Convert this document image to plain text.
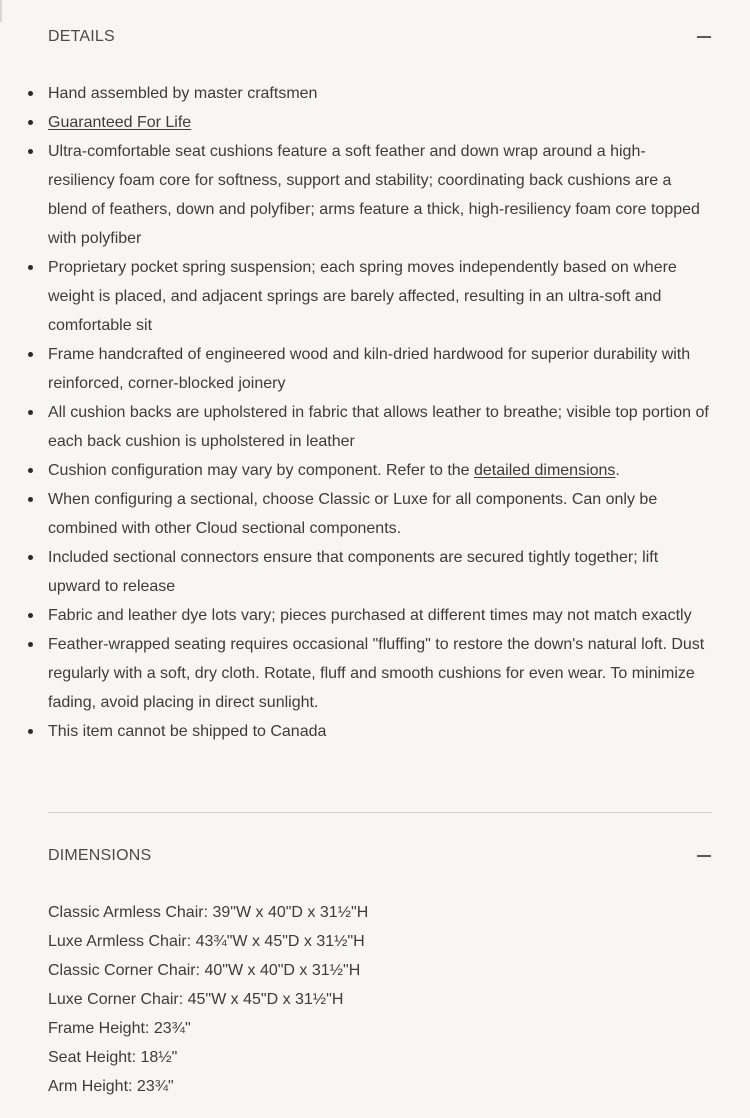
DETAILS
Hand assembled by master craftsmen
Guaranteed For Life
Ultra-comfortable seat cushions feature a soft feather and down wrap around a high-resiliency foam core for softness, support and stability; coordinating back cushions are a blend of feathers, down and polyfiber; arms feature a thick, high-resiliency foam core topped with polyfiber
Proprietary pocket spring suspension; each spring moves independently based on where weight is placed, and adjacent springs are barely affected, resulting in an ultra-soft and comfortable sit
Frame handcrafted of engineered wood and kiln-dried hardwood for superior durability with reinforced, corner-blocked joinery
All cushion backs are upholstered in fabric that allows leather to breathe; visible top portion of each back cushion is upholstered in leather
Cushion configuration may vary by component. Refer to the detailed dimensions.
When configuring a sectional, choose Classic or Luxe for all components. Can only be combined with other Cloud sectional components.
Included sectional connectors ensure that components are secured tightly together; lift upward to release
Fabric and leather dye lots vary; pieces purchased at different times may not match exactly
Feather-wrapped seating requires occasional "fluffing" to restore the down's natural loft. Dust regularly with a soft, dry cloth. Rotate, fluff and smooth cushions for even wear. To minimize fading, avoid placing in direct sunlight.
This item cannot be shipped to Canada
DIMENSIONS
Classic Armless Chair: 39"W x 40"D x 31½"H
Luxe Armless Chair: 43¾"W x 45"D x 31½"H
Classic Corner Chair: 40"W x 40"D x 31½"H
Luxe Corner Chair: 45"W x 45"D x 31½"H
Frame Height: 23¾"
Seat Height: 18½"
Arm Height: 23¾"
